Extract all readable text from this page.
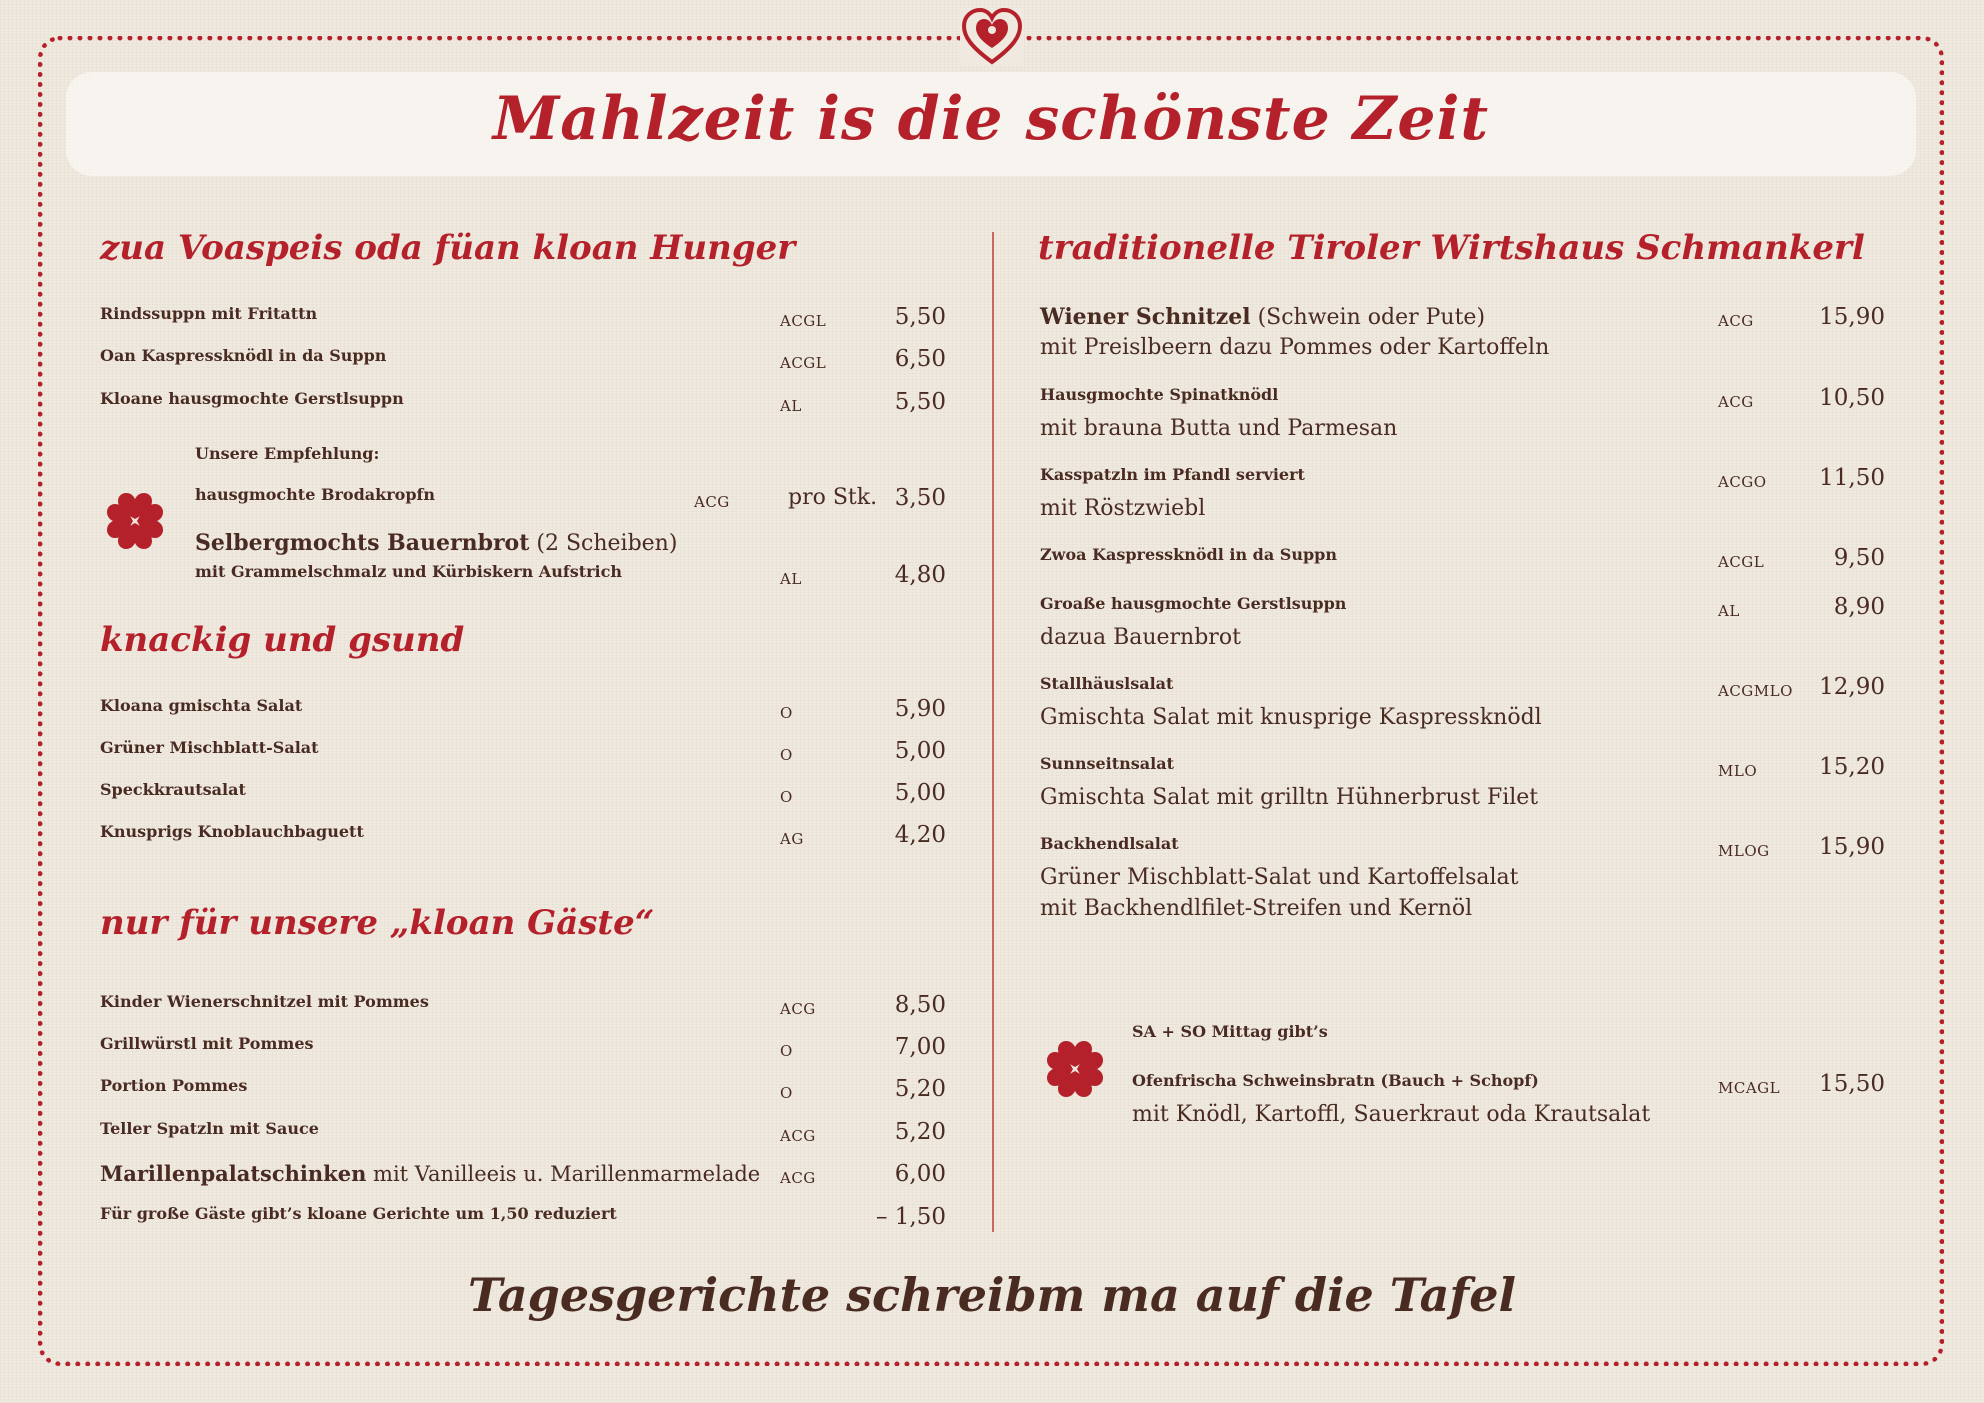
Mahlzeit is die schönste Zeit
zua Voaspeis oda füan kloan Hunger
Rindssuppn mit Fritattn	ACGL	5,50
Oan Kaspressknödl in da Suppn	ACGL	6,50
Kloane hausgmochte Gerstlsuppn	AL	5,50
Unsere Empfehlung:
hausgmochte Brodakropfn	ACG	pro Stk. 3,50
Selbergmochts Bauernbrot (2 Scheiben)
mit Grammelschmalz und Kürbiskern Aufstrich	AL	4,80
knackig und gsund
Kloana gmischta Salat	O	5,90
Grüner Mischblatt-Salat	O	5,00
Speckkrautsalat	O	5,00
Knusprigs Knoblauchbaguett	AG	4,20
nur für unsere „kloan Gäste“
Kinder Wienerschnitzel mit Pommes	ACG	8,50
Grillwürstl mit Pommes	O	7,00
Portion Pommes	O	5,20
Teller Spatzln mit Sauce	ACG	5,20
Marillenpalatschinken mit Vanilleeis u. Marillenmarmelade ACG	6,00
Für große Gäste gibt’s kloane Gerichte um 1,50 reduziert	– 1,50
traditionelle Tiroler Wirtshaus Schmankerl
Wiener Schnitzel (Schwein oder Pute)
mit Preislbeern dazu Pommes oder Kartoffeln
ACG	15,90
Hausgmochte Spinatknödl
mit brauna Butta und Parmesan
ACG	10,50
Kasspatzln im Pfandl serviert
mit Röstzwiebl
ACGO	11,50
Zwoa Kaspressknödl in da Suppn	ACGL	9,50
Groaße hausgmochte Gerstlsuppn
dazua Bauernbrot
AL	8,90
Stallhäuslsalat
Gmischta Salat mit knusprige Kaspressknödl
ACGMLO	12,90
Sunnseitnsalat
Gmischta Salat mit grilltn Hühnerbrust Filet
MLO	15,20
Backhendlsalat
Grüner Mischblatt-Salat und Kartoffelsalat
mit Backhendlfilet-Streifen und Kernöl
MLOG	15,90
SA + SO Mittag gibt’s
Ofenfrischa Schweinsbratn (Bauch + Schopf)
mit Knödl, Kartoffl, Sauerkraut oda Krautsalat
MCAGL	15,50
Tagesgerichte schreibm ma auf die Tafel
